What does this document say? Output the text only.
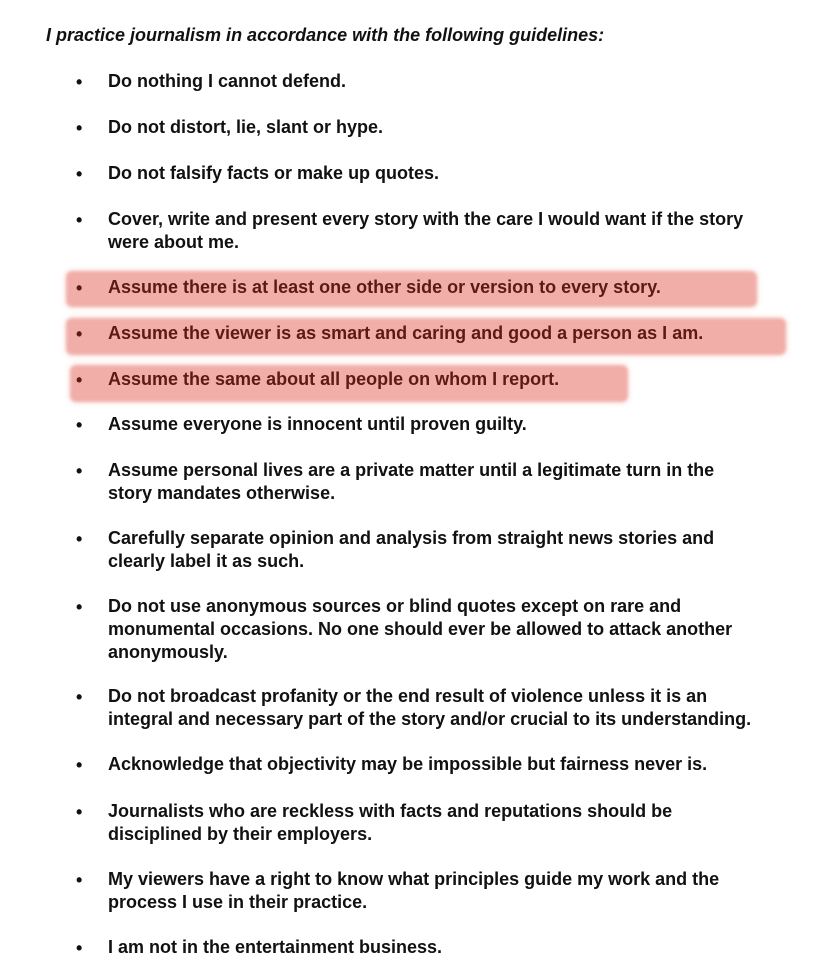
I practice journalism in accordance with the following guidelines:
• Do nothing I cannot defend.
• Do not distort, lie, slant or hype.
• Do not falsify facts or make up quotes.
• Cover, write and present every story with the care I would want if the story
were about me.
• Assume there is at least one other side or version to every story.
• Assume the viewer is as smart and caring and good a person as I am.
• Assume the same about all people on whom I report.
• Assume everyone is innocent until proven guilty.
• Assume personal lives are a private matter until a legitimate turn in the
story mandates otherwise.
• Carefully separate opinion and analysis from straight news stories and
clearly label it as such.
• Do not use anonymous sources or blind quotes except on rare and
monumental occasions. No one should ever be allowed to attack another
anonymously.
• Do not broadcast profanity or the end result of violence unless it is an
integral and necessary part of the story and/or crucial to its understanding.
• Acknowledge that objectivity may be impossible but fairness never is.
• Journalists who are reckless with facts and reputations should be
disciplined by their employers.
• My viewers have a right to know what principles guide my work and the
process I use in their practice.
• I am not in the entertainment business.
